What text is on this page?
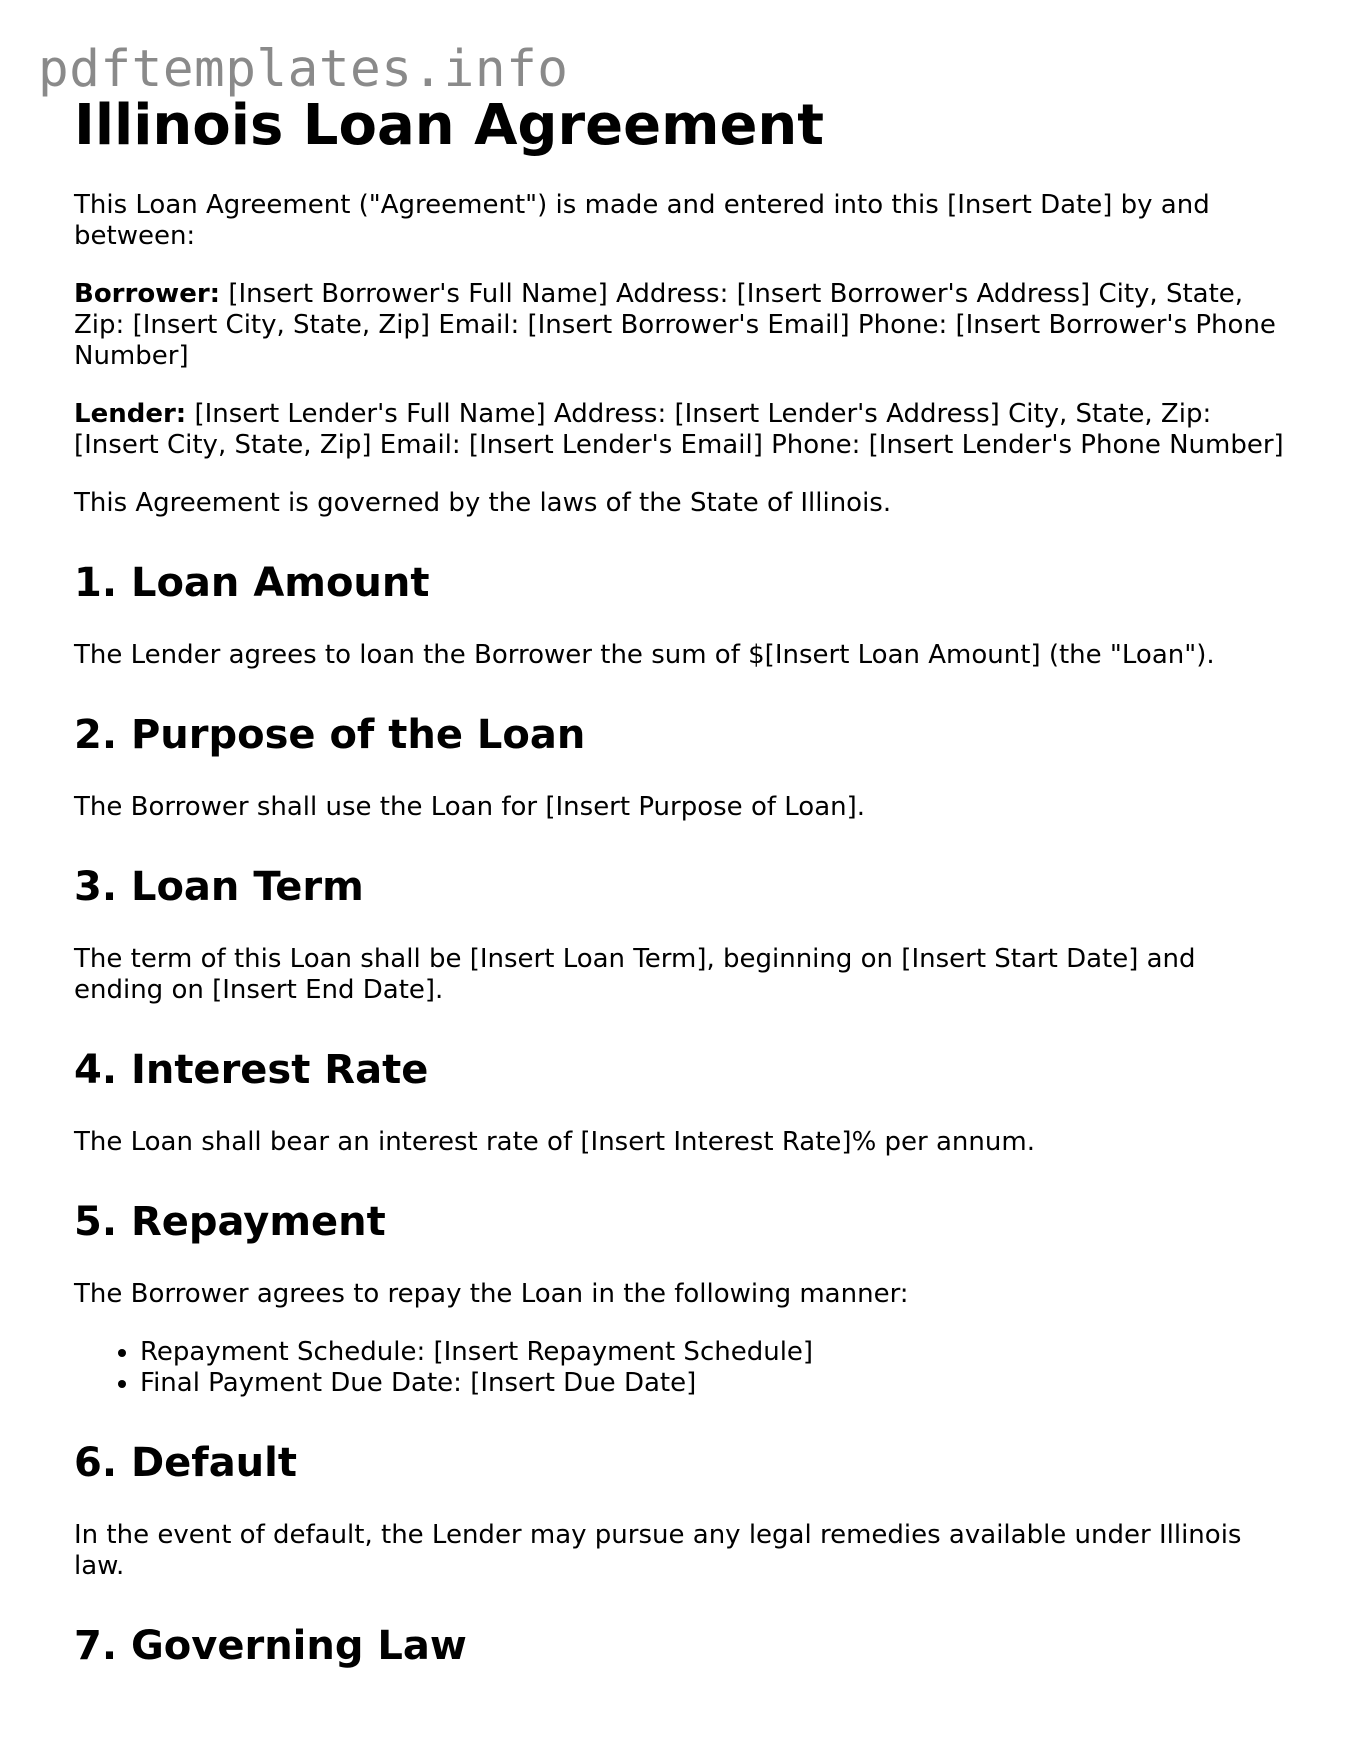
pdftemplates.info
Illinois Loan Agreement

This Loan Agreement ("Agreement") is made and entered into this [Insert Date] by and between:

Borrower: [Insert Borrower's Full Name] Address: [Insert Borrower's Address] City, State, Zip: [Insert City, State, Zip] Email: [Insert Borrower's Email] Phone: [Insert Borrower's Phone Number]

Lender: [Insert Lender's Full Name] Address: [Insert Lender's Address] City, State, Zip: [Insert City, State, Zip] Email: [Insert Lender's Email] Phone: [Insert Lender's Phone Number]

This Agreement is governed by the laws of the State of Illinois.

1. Loan Amount

The Lender agrees to loan the Borrower the sum of $[Insert Loan Amount] (the "Loan").

2. Purpose of the Loan

The Borrower shall use the Loan for [Insert Purpose of Loan].

3. Loan Term

The term of this Loan shall be [Insert Loan Term], beginning on [Insert Start Date] and ending on [Insert End Date].

4. Interest Rate

The Loan shall bear an interest rate of [Insert Interest Rate]% per annum.

5. Repayment

The Borrower agrees to repay the Loan in the following manner:

• Repayment Schedule: [Insert Repayment Schedule]
• Final Payment Due Date: [Insert Due Date]
6. Default

In the event of default, the Lender may pursue any legal remedies available under Illinois law.

7. Governing Law
